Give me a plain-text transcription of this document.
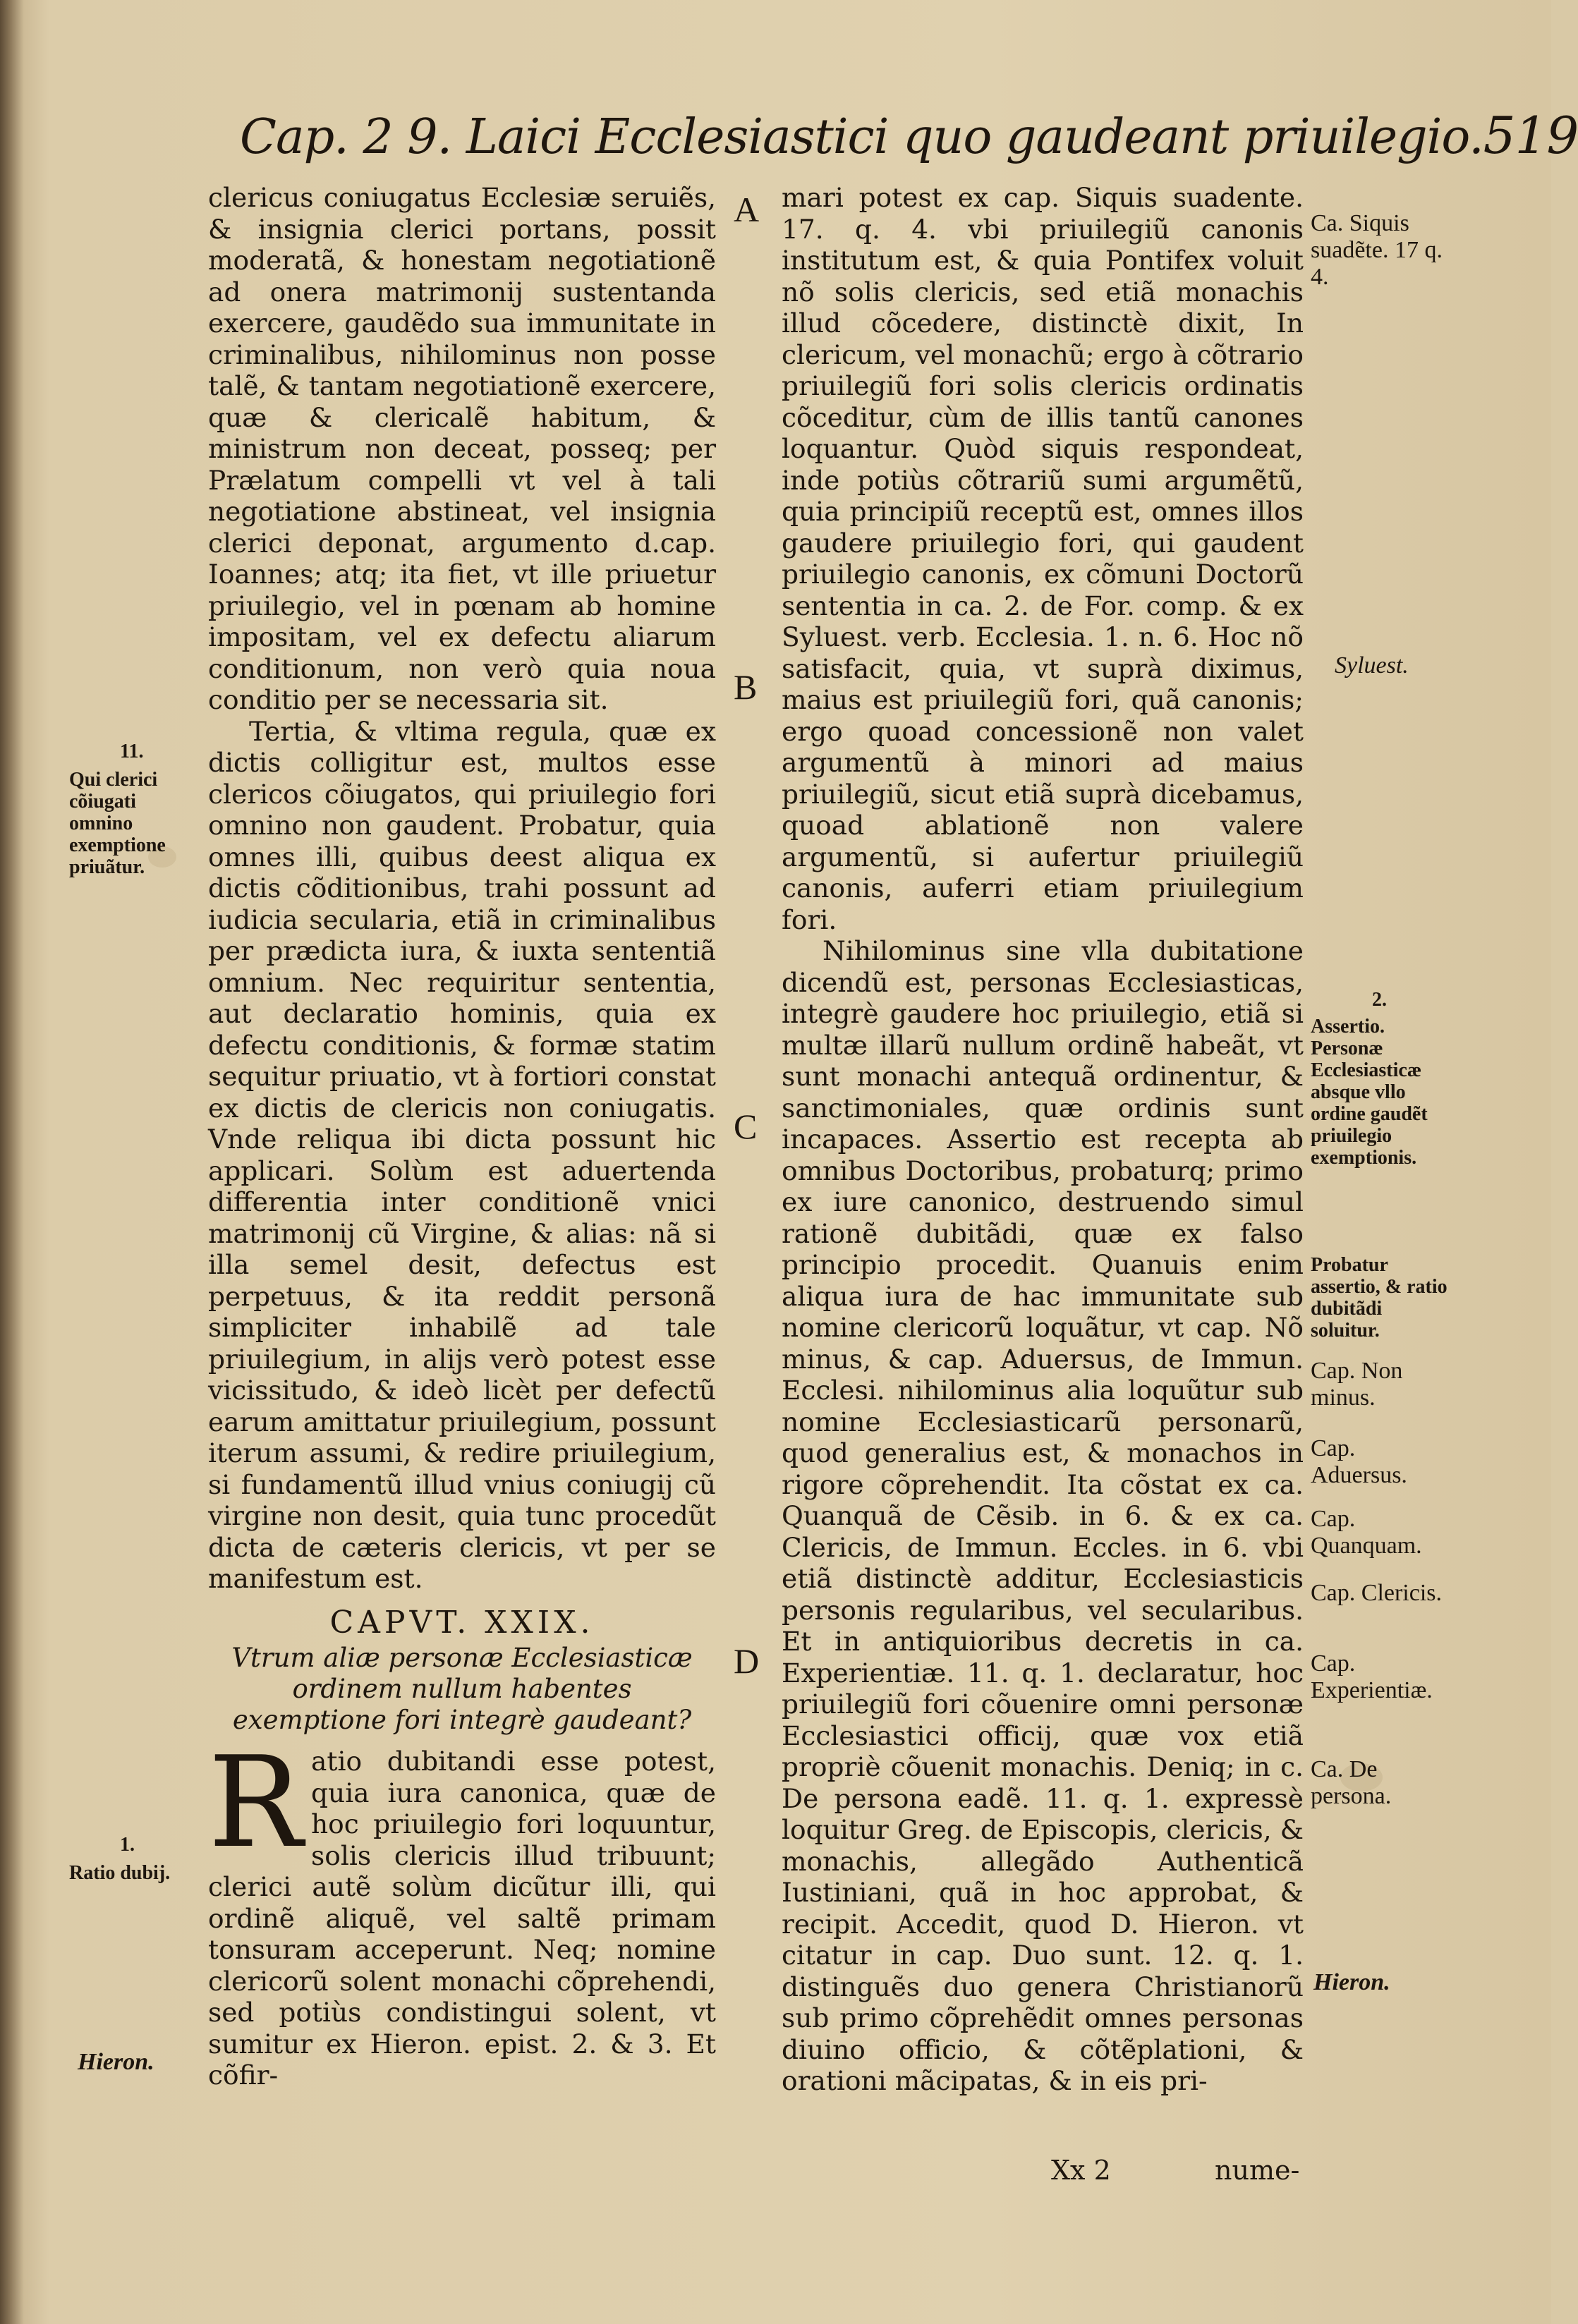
Cap. 2 9. Laici Ecclesiastici quo gaudeant priuilegio. 519

clericus coniugatus Ecclesiæ seruiẽs, & insignia clerici portans, possit moderatã, & honestam negotiationẽ ad onera matrimonij sustentanda exercere, gaudẽdo sua immunitate in criminalibus, nihilominus non posse talẽ, & tantam negotiationẽ exercere, quæ & clericalẽ habitum, & ministrum non deceat, posseq; per Prælatum compelli vt vel à tali negotiatione abstineat, vel insignia clerici deponat, argumento d.cap. Ioannes; atq; ita fiet, vt ille priuetur priuilegio, vel in pœnam ab homine impositam, vel ex defectu aliarum conditionum, non verò quia noua conditio per se necessaria sit.

Tertia, & vltima regula, quæ ex dictis colligitur est, multos esse clericos cõiugatos, qui priuilegio fori omnino non gaudent. Probatur, quia omnes illi, quibus deest aliqua ex dictis cõditionibus, trahi possunt ad iudicia secularia, etiã in criminalibus per prædicta iura, & iuxta sententiã omnium. Nec requiritur sententia, aut declaratio hominis, quia ex defectu conditionis, & formæ statim sequitur priuatio, vt à fortiori constat ex dictis de clericis non coniugatis. Vnde reliqua ibi dicta possunt hic applicari. Solùm est aduertenda differentia inter conditionẽ vnici matrimonij cũ Virgine, & alias: nã si illa semel desit, defectus est perpetuus, & ita reddit personã simpliciter inhabilẽ ad tale priuilegium, in alijs verò potest esse vicissitudo, & ideò licèt per defectũ earum amittatur priuilegium, possunt iterum assumi, & redire priuilegium, si fundamentũ illud vnius coniugij cũ virgine non desit, quia tunc procedũt dicta de cæteris clericis, vt per se manifestum est.

CAPVT. XXIX.
Vtrum aliæ personæ Ecclesiasticæ ordinem nullum habentes exemptione fori integrè gaudeant?

R atio dubitandi esse potest, quia iura canonica, quæ de hoc priuilegio fori loquuntur, solis clericis illud tribuunt; clerici autẽ solùm dicũtur illi, qui ordinẽ aliquẽ, vel saltẽ primam tonsuram acceperunt. Neq; nomine clericorũ solent monachi cõprehendi, sed potiùs condistingui solent, vt sumitur ex Hieron. epist. 2. & 3. Et cõfir-

A
B
C
D

mari potest ex cap. Siquis suadente. 17. q. 4. vbi priuilegiũ canonis institutum est, & quia Pontifex voluit nõ solis clericis, sed etiã monachis illud cõcedere, distinctè dixit, In clericum, vel monachũ; ergo à cõtrario priuilegiũ fori solis clericis ordinatis cõceditur, cùm de illis tantũ canones loquantur. Quòd siquis respondeat, inde potiùs cõtrariũ sumi argumẽtũ, quia principiũ receptũ est, omnes illos gaudere priuilegio fori, qui gaudent priuilegio canonis, ex cõmuni Doctorũ sententia in ca. 2. de For. comp. & ex Syluest. verb. Ecclesia. 1. n. 6. Hoc nõ satisfacit, quia, vt suprà diximus, maius est priuilegiũ fori, quã canonis; ergo quoad concessionẽ non valet argumentũ à minori ad maius priuilegiũ, sicut etiã suprà dicebamus, quoad ablationẽ non valere argumentũ, si aufertur priuilegiũ canonis, auferri etiam priuilegium fori.

Nihilominus sine vlla dubitatione dicendũ est, personas Ecclesiasticas, integrè gaudere hoc priuilegio, etiã si multæ illarũ nullum ordinẽ habeãt, vt sunt monachi antequã ordinentur, & sanctimoniales, quæ ordinis sunt incapaces. Assertio est recepta ab omnibus Doctoribus, probaturq; primo ex iure canonico, destruendo simul rationẽ dubitãdi, quæ ex falso principio procedit. Quanuis enim aliqua iura de hac immunitate sub nomine clericorũ loquãtur, vt cap. Nõ minus, & cap. Aduersus, de Immun. Ecclesi. nihilominus alia loquũtur sub nomine Ecclesiasticarũ personarũ, quod generalius est, & monachos in rigore cõprehendit. Ita cõstat ex ca. Quanquã de Cẽsib. in 6. & ex ca. Clericis, de Immun. Eccles. in 6. vbi etiã distinctè additur, Ecclesiasticis personis regularibus, vel secularibus. Et in antiquioribus decretis in ca. Experientiæ. 11. q. 1. declaratur, hoc priuilegiũ fori cõuenire omni personæ Ecclesiastici officij, quæ vox etiã propriè cõuenit monachis. Deniq; in c. De persona eadẽ. 11. q. 1. expressè loquitur Greg. de Episcopis, clericis, & monachis, allegãdo Authenticã Iustiniani, quã in hoc approbat, & recipit. Accedit, quod D. Hieron. vt citatur in cap. Duo sunt. 12. q. 1. distinguẽs duo genera Christianorũ sub primo cõprehẽdit omnes personas diuino officio, & cõtẽplationi, & orationi mãcipatas, & in eis pri-

11.
Qui clerici cõiugati omnino exemptione priuãtur.
1.
Ratio dubij.
Hieron.
Ca. Siquis suadẽte. 17 q. 4.
Syluest.
2.
Assertio. Personæ Ecclesiasticæ absque vllo ordine gaudẽt priuilegio exemptionis.
Probatur assertio, & ratio dubitãdi soluitur.
Cap. Non minus.
Cap. Aduersus.
Cap. Quanquam.
Cap. Clericis.
Cap. Experientiæ.
Ca. De persona.
Hieron.
Xx 2	nume-
